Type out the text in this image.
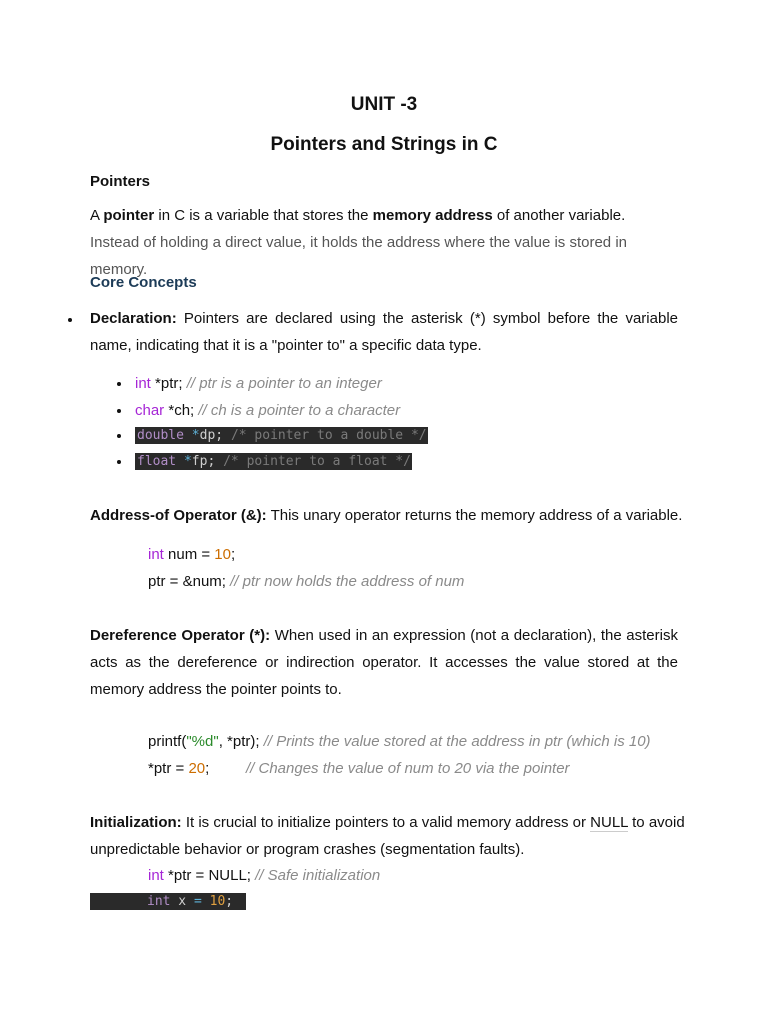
UNIT -3
Pointers and Strings in C
Pointers
A pointer in C is a variable that stores the memory address of another variable. Instead of holding a direct value, it holds the address where the value is stored in memory.
Core Concepts
Declaration: Pointers are declared using the asterisk (*) symbol before the variable name, indicating that it is a "pointer to" a specific data type.
int *ptr; // ptr is a pointer to an integer
char *ch; // ch is a pointer to a character
double *dp; /* pointer to a double */
float *fp; /* pointer to a float */
Address-of Operator (&): This unary operator returns the memory address of a variable.
int num = 10;
ptr = &num; // ptr now holds the address of num
Dereference Operator (*): When used in an expression (not a declaration), the asterisk acts as the dereference or indirection operator. It accesses the value stored at the memory address the pointer points to.
printf("%d", *ptr); // Prints the value stored at the address in ptr (which is 10)
*ptr = 20; // Changes the value of num to 20 via the pointer
Initialization: It is crucial to initialize pointers to a valid memory address or NULL to avoid unpredictable behavior or program crashes (segmentation faults).
int *ptr = NULL; // Safe initialization
int x = 10;
